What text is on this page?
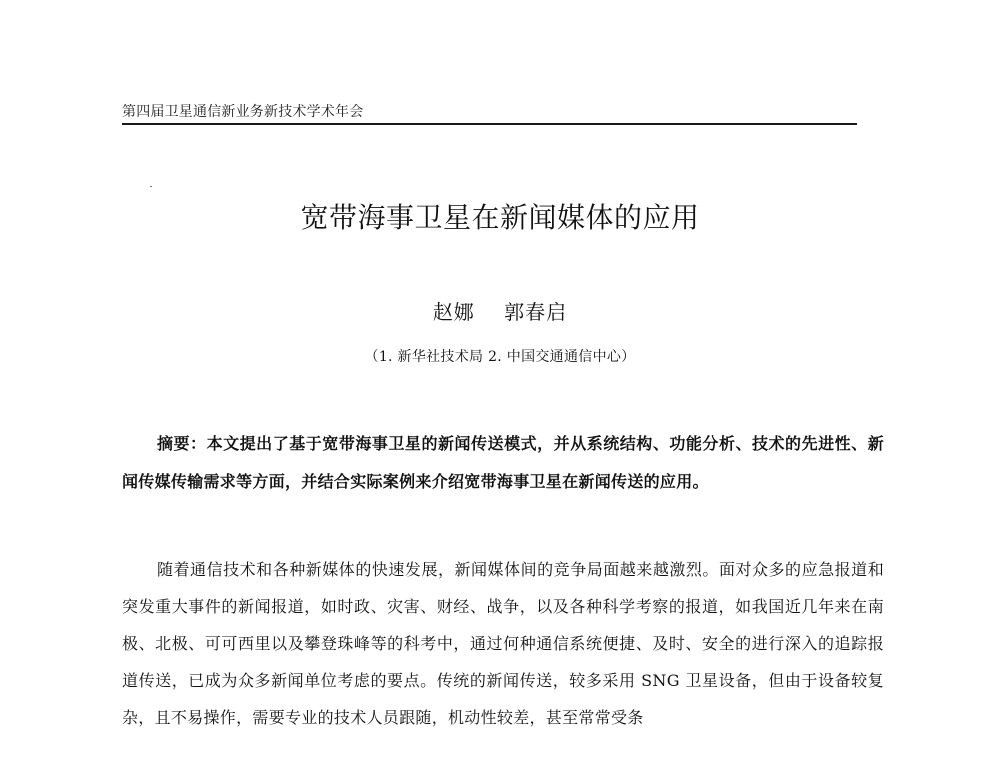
第四届卫星通信新业务新技术学术年会
宽带海事卫星在新闻媒体的应用
赵娜 郭春启
（1. 新华社技术局 2. 中国交通通信中心）

摘要：本文提出了基于宽带海事卫星的新闻传送模式，并从系统结构、功能分析、技术的先进性、新闻传媒传输需求等方面，并结合实际案例来介绍宽带海事卫星在新闻传送的应用。

随着通信技术和各种新媒体的快速发展，新闻媒体间的竞争局面越来越激烈。面对众多的应急报道和突发重大事件的新闻报道，如时政、灾害、财经、战争，以及各种科学考察的报道，如我国近几年来在南极、北极、可可西里以及攀登珠峰等的科考中，通过何种通信系统便捷、及时、安全的进行深入的追踪报道传送，已成为众多新闻单位考虑的要点。传统的新闻传送，较多采用 SNG 卫星设备，但由于设备较复杂，且不易操作，需要专业的技术人员跟随，机动性较差，甚至常常受条
